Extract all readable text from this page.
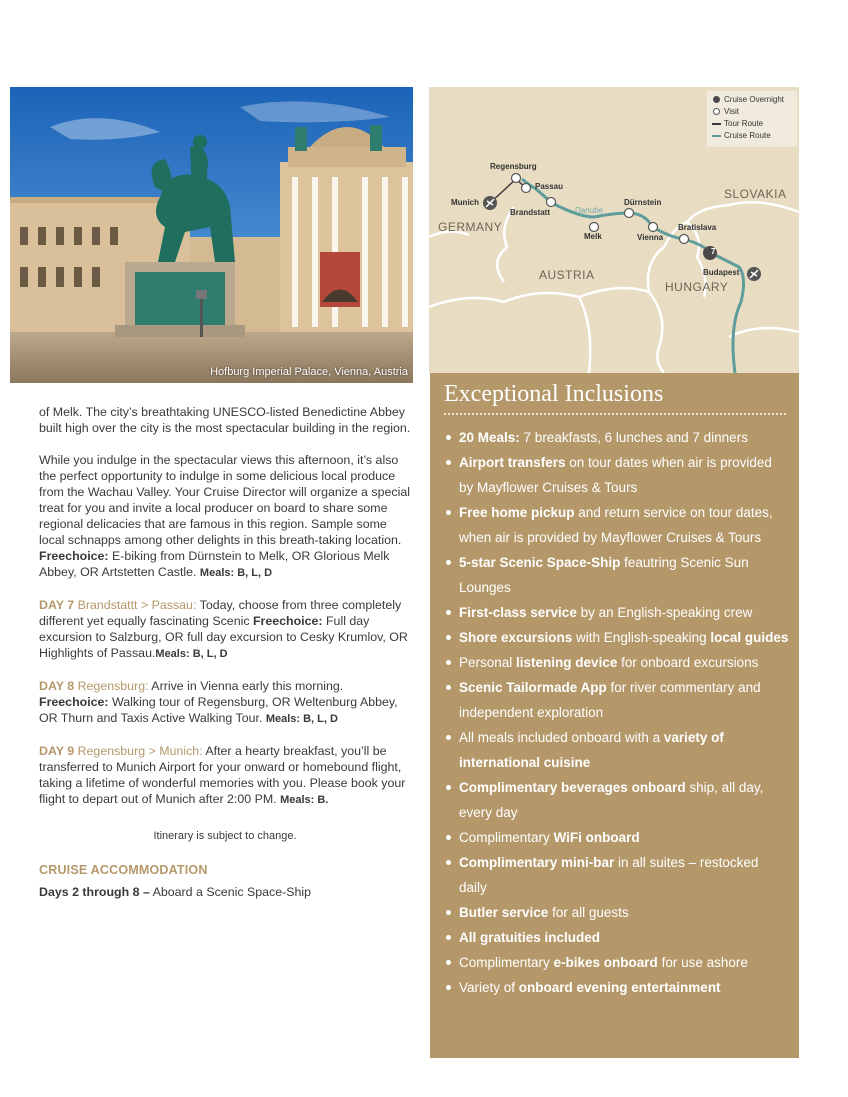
Hofburg Imperial Palace, Vienna, Austria
7
Cruise Overnight
Visit
Tour Route
Cruise Route
GERMANY
AUSTRIA
SLOVAKIA
HUNGARY
Danube
Regensburg
Passau
Munich
Brandstatt
Dürnstein
Melk	Vienna
Bratislava
Budapest

of Melk. The city’s breathtaking UNESCO-listed Benedictine Abbey built high over the city is the most spectacular building in the region.

While you indulge in the spectacular views this afternoon, it’s also the perfect opportunity to indulge in some delicious local produce from the Wachau Valley. Your Cruise Director will organize a special treat for you and invite a local producer on board to share some regional delicacies that are famous in this region. Sample some local schnapps among other delights in this breath-taking location. Freechoice: E-biking from Dürnstein to Melk, OR Glorious Melk Abbey, OR Artstetten Castle. Meals: B, L, D

DAY 7 Brandstattt > Passau: Today, choose from three completely different yet equally fascinating Scenic Freechoice: Full day excursion to Salzburg, OR full day excursion to Cesky Krumlov, OR Highlights of Passau.Meals: B, L, D

DAY 8 Regensburg: Arrive in Vienna early this morning. Freechoice: Walking tour of Regensburg, OR Weltenburg Abbey, OR Thurn and Taxis Active Walking Tour. Meals: B, L, D

DAY 9 Regensburg > Munich: After a hearty breakfast, you’ll be transferred to Munich Airport for your onward or homebound flight, taking a lifetime of wonderful memories with you. Please book your flight to depart out of Munich after 2:00 PM. Meals: B.

Itinerary is subject to change.
CRUISE ACCOMMODATION
Days 2 through 8 – Aboard a Scenic Space-Ship
Exceptional Inclusions
20 Meals: 7 breakfasts, 6 lunches and 7 dinners
Airport transfers on tour dates when air is provided by Mayflower Cruises & Tours
Free home pickup and return service on tour dates, when air is provided by Mayflower Cruises & Tours
5-star Scenic Space-Ship feautring Scenic Sun Lounges
First-class service by an English-speaking crew
Shore excursions with English-speaking local guides
Personal listening device for onboard excursions
Scenic Tailormade App for river commentary and independent exploration
All meals included onboard with a variety of international cuisine
Complimentary beverages onboard ship, all day, every day
Complimentary WiFi onboard
Complimentary mini-bar in all suites – restocked daily
Butler service for all guests
All gratuities included
Complimentary e-bikes onboard for use ashore
Variety of onboard evening entertainment
